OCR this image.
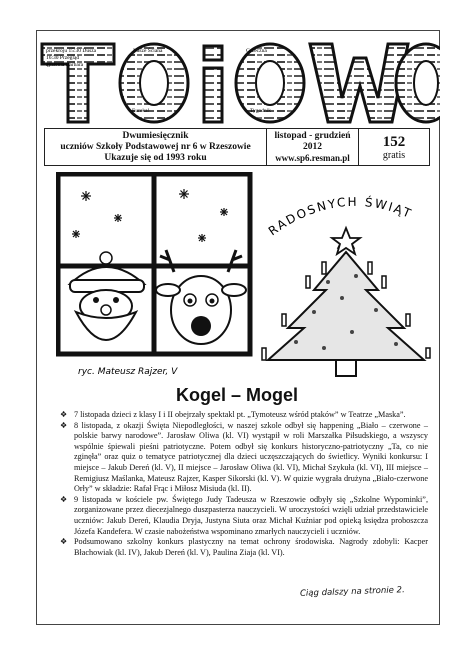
przekroju 15:30 Dusza
16:30 Przegląd
ąpalenia Barbara
Nasze Ściana
Eureka!
Grzeczna
Tygodnik
Dwumiesięcznik
uczniów Szkoły Podstawowej nr 6 w Rzeszowie
Ukazuje się od 1993 roku
listopad - grudzień
2012
www.sp6.resman.pl
152
gratis
ryc. Mateusz Rajzer, V
RADOSNYCH ŚWIĄT
Kogel – Mogel
❖ 7 listopada dzieci z klasy I i II obejrzały spektakl pt. „Tymoteusz wśród ptaków” w Teatrze „Maska”.
❖ 8 listopada, z okazji Święta Niepodległości, w naszej szkole odbył się happening „Biało – czerwone – polskie barwy narodowe”. Jarosław Oliwa (kl. VI) wystąpił w roli Marszałka Piłsudskiego, a wszyscy wspólnie śpiewali pieśni patriotyczne. Potem odbył się konkurs historyczno-patriotyczny „Ta, co nie zginęła” oraz quiz o tematyce patriotycznej dla dzieci uczęszczających do świetlicy. Wyniki konkursu: I miejsce – Jakub Dereń (kl. V), II miejsce – Jarosław Oliwa (kl. VI), Michał Szykuła (kl. VI), III miejsce – Remigiusz Maślanka, Mateusz Rajzer, Kasper Sikorski (kl. V). W quizie wygrała drużyna „Biało-czerwone Orły” w składzie: Rafał Frąc i Miłosz Misiuda (kl. II).
❖ 9 listopada w kościele pw. Świętego Judy Tadeusza w Rzeszowie odbyły się „Szkolne Wypominki”, zorganizowane przez diecezjalnego duszpasterza nauczycieli. W uroczystości wzięli udział przedstawiciele uczniów: Jakub Dereń, Klaudia Dryja, Justyna Siuta oraz Michał Kuźniar pod opieką księdza proboszcza Józefa Kandefera. W czasie nabożeństwa wspominano zmarłych nauczycieli i uczniów.
❖ Podsumowano szkolny konkurs plastyczny na temat ochrony środowiska. Nagrody zdobyli: Kacper Błachowiak (kl. IV), Jakub Dereń (kl. V), Paulina Ziaja (kl. VI).
Ciąg dalszy na stronie 2.
